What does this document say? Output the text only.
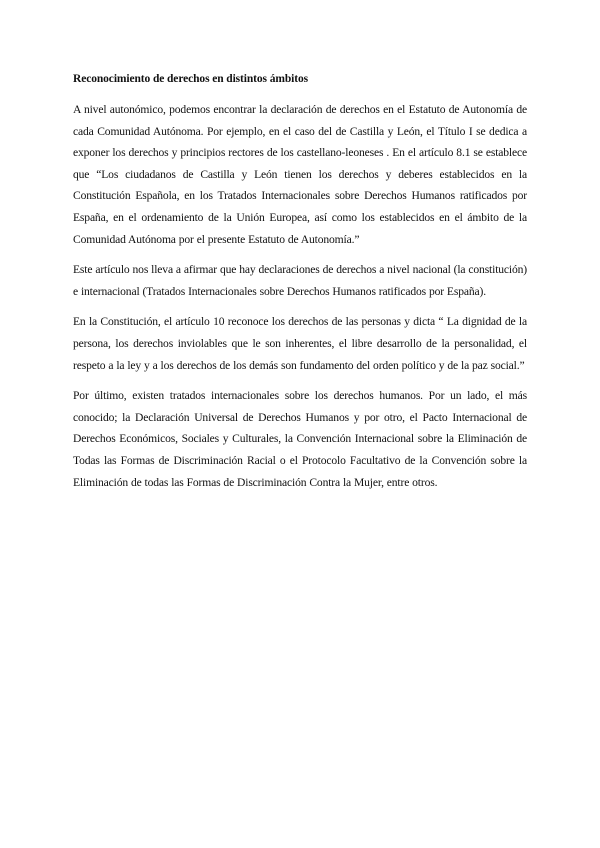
Reconocimiento de derechos en distintos ámbitos

A nivel autonómico, podemos encontrar la declaración de derechos en el Estatuto de Autonomía de cada Comunidad Autónoma. Por ejemplo, en el caso del de Castilla y León, el Título I se dedica a exponer los derechos y principios rectores de los castellano-leoneses . En el artículo 8.1 se establece que “Los ciudadanos de Castilla y León tienen los derechos y deberes establecidos en la Constitución Española, en los Tratados Internacionales sobre Derechos Humanos ratificados por España, en el ordenamiento de la Unión Europea, así como los establecidos en el ámbito de la Comunidad Autónoma por el presente Estatuto de Autonomía.”

Este artículo nos lleva a afirmar que hay declaraciones de derechos a nivel nacional (la constitución) e internacional (Tratados Internacionales sobre Derechos Humanos ratificados por España).

En la Constitución, el artículo 10 reconoce los derechos de las personas y dicta “ La dignidad de la persona, los derechos inviolables que le son inherentes, el libre desarrollo de la personalidad, el respeto a la ley y a los derechos de los demás son fundamento del orden político y de la paz social.”

Por último, existen tratados internacionales sobre los derechos humanos. Por un lado, el más conocido; la Declaración Universal de Derechos Humanos y por otro, el Pacto Internacional de Derechos Económicos, Sociales y Culturales, la Convención Internacional sobre la Eliminación de Todas las Formas de Discriminación Racial o el Protocolo Facultativo de la Convención sobre la Eliminación de todas las Formas de Discriminación Contra la Mujer, entre otros.
